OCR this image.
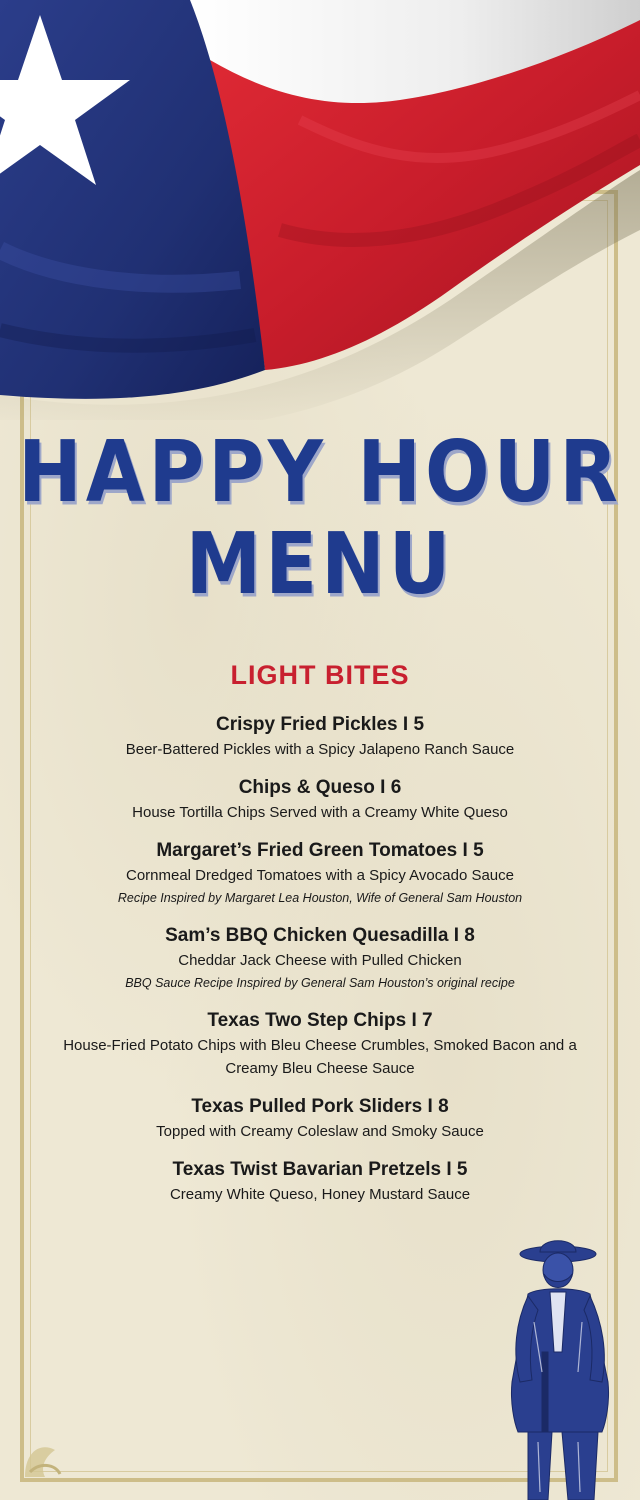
HAPPY HOUR
MENU
LIGHT BITES
Crispy Fried Pickles I 5
Beer-Battered Pickles with a Spicy Jalapeno Ranch Sauce
Chips & Queso I 6
House Tortilla Chips Served with a Creamy White Queso
Margaret’s Fried Green Tomatoes I 5
Cornmeal Dredged Tomatoes with a Spicy Avocado Sauce
Recipe Inspired by Margaret Lea Houston, Wife of General Sam Houston
Sam’s BBQ Chicken Quesadilla I 8
Cheddar Jack Cheese with Pulled Chicken
BBQ Sauce Recipe Inspired by General Sam Houston’s original recipe
Texas Two Step Chips I 7
House-Fried Potato Chips with Bleu Cheese Crumbles, Smoked Bacon and a Creamy Bleu Cheese Sauce
Texas Pulled Pork Sliders I 8
Topped with Creamy Coleslaw and Smoky Sauce
Texas Twist Bavarian Pretzels I 5
Creamy White Queso, Honey Mustard Sauce
